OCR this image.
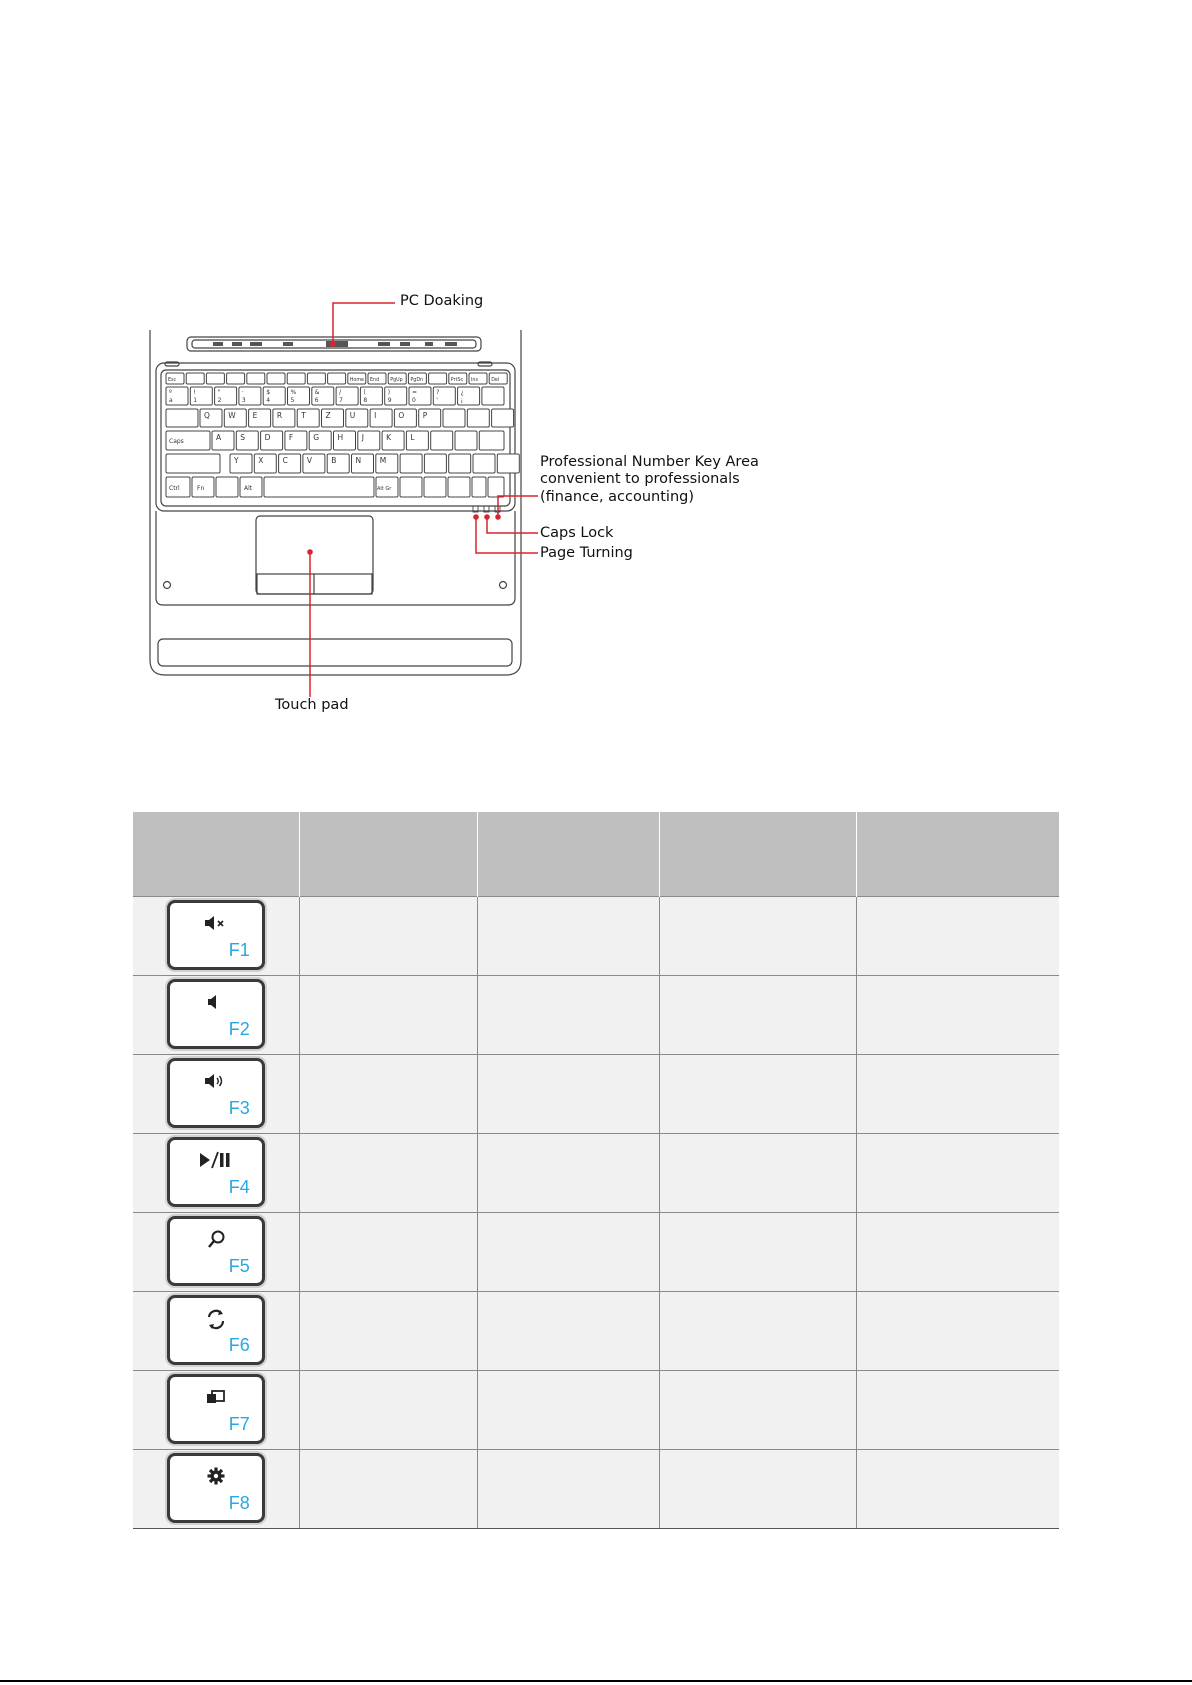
Esc	Home End PgUp PgDn	PrtSc Ins	Del
º
a
!
1
"
2
·
3
$
4
%
5
&
6
/
7
(
8
)
9
=
0
?
'
¿
¡
Q W E	R	T	Z	U	I	O P
Caps	A	S	D F	G H J	K	L
Y	X	C	V	B	N M
Ctrl	Fn	Alt	Alt Gr
PC Doaking
Professional Number Key Area
convenient to professionals
(finance, accounting)
Caps Lock
Page Turning
Touch pad

F1				

F2				

F3				

F4				

F5				

F6				

F7				

F8				
